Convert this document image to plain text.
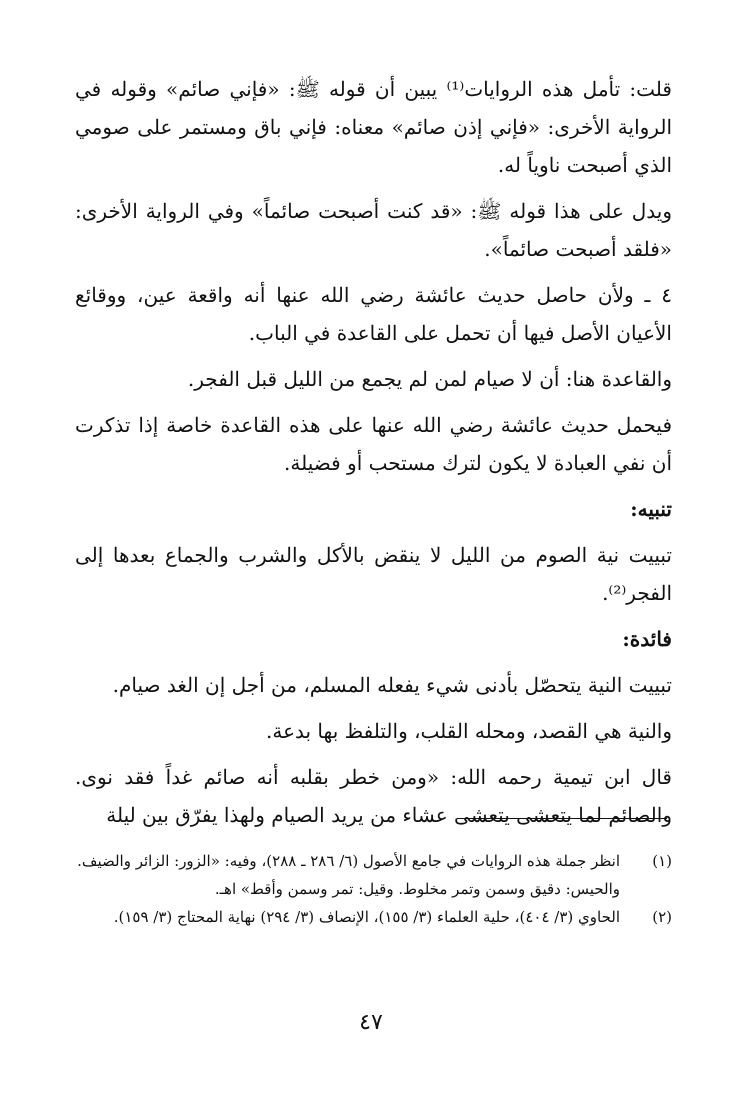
قلت: تأمل هذه الروايات⁽¹⁾ يبين أن قوله ﷺ: «فإني صائم» وقوله في الرواية الأخرى: «فإني إذن صائم» معناه: فإني باق ومستمر على صومي الذي أصبحت ناوياً له.

ويدل على هذا قوله ﷺ: «قد كنت أصبحت صائماً» وفي الرواية الأخرى: «فلقد أصبحت صائماً».

٤ ـ ولأن حاصل حديث عائشة رضي الله عنها أنه واقعة عين، ووقائع الأعيان الأصل فيها أن تحمل على القاعدة في الباب.

والقاعدة هنا: أن لا صيام لمن لم يجمع من الليل قبل الفجر.

فيحمل حديث عائشة رضي الله عنها على هذه القاعدة خاصة إذا تذكرت أن نفي العبادة لا يكون لترك مستحب أو فضيلة.

تنبيه:

تبييت نية الصوم من الليل لا ينقض بالأكل والشرب والجماع بعدها إلى الفجر⁽²⁾.

فائدة:

تبييت النية يتحصّل بأدنى شيء يفعله المسلم، من أجل إن الغد صيام.

والنية هي القصد، ومحله القلب، والتلفظ بها بدعة.

قال ابن تيمية رحمه الله: «ومن خطر بقلبه أنه صائم غداً فقد نوى. والصائم لما يتعشى يتعشى عشاء من يريد الصيام ولهذا يفرّق بين ليلة

(١)
انظر جملة هذه الروايات في جامع الأصول (٦/ ٢٨٦ ـ ٢٨٨)، وفيه: «الزور: الزائر والضيف.
والحيس: دقيق وسمن وتمر مخلوط. وقيل: تمر وسمن وأقط» اهـ.
(٢)
الحاوي (٣/ ٤٠٤)، حلية العلماء (٣/ ١٥٥)، الإنصاف (٣/ ٢٩٤) نهاية المحتاج (٣/ ١٥٩).
٤٧
